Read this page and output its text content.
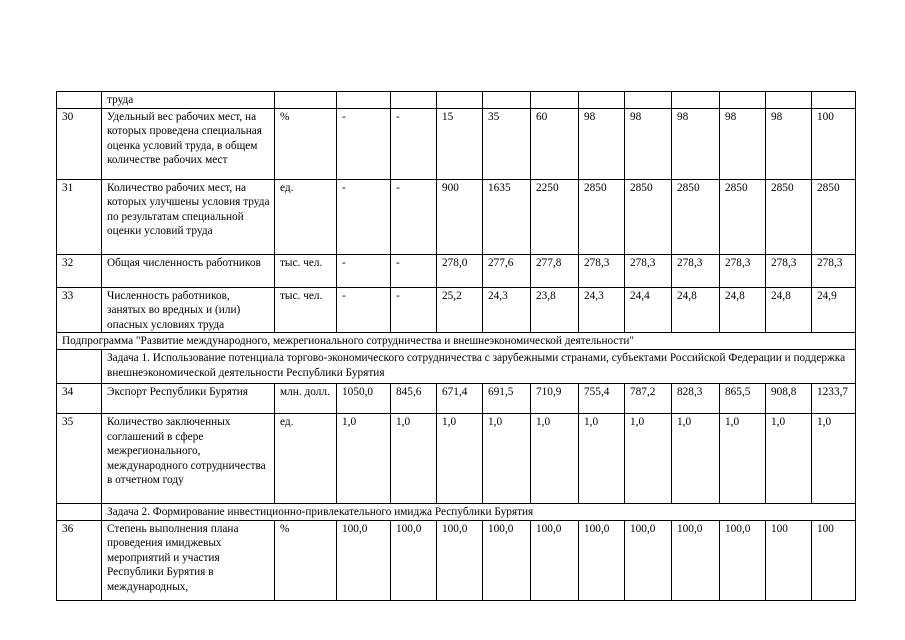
	труда												
30	Удельный вес рабочих мест, на которых проведена специальная оценка условий труда, в общем количестве рабочих мест	%	-	-	15	35	60	98	98	98	98	98	100
31	Количество рабочих мест, на которых улучшены условия труда по результатам специальной оценки условий труда	ед.	-	-	900	1635	2250	2850	2850	2850	2850	2850	2850
32	Общая численность работников	тыс. чел.	-	-	278,0	277,6	277,8	278,3	278,3	278,3	278,3	278,3	278,3
33	Численность работников, занятых во вредных и (или) опасных условиях труда	тыс. чел.	-	-	25,2	24,3	23,8	24,3	24,4	24,8	24,8	24,8	24,9
Подпрограмма "Развитие международного, межрегионального сотрудничества и внешнеэкономической деятельности"													
	Задача 1. Использование потенциала торгово-экономического сотрудничества с зарубежными странами, субъектами Российской Федерации и поддержка внешнеэкономической деятельности Республики Бурятия												
34	Экспорт Республики Бурятия	млн. долл.	1050,0	845,6	671,4	691,5	710,9	755,4	787,2	828,3	865,5	908,8	1233,7
35	Количество заключенных соглашений в сфере межрегионального, международного сотрудничества в отчетном году	ед.	1,0	1,0	1,0	1,0	1,0	1,0	1,0	1,0	1,0	1,0	1,0
	Задача 2. Формирование инвестиционно-привлекательного имиджа Республики Бурятия												
36	Степень выполнения плана проведения имиджевых мероприятий и участия Республики Бурятия в международных,	%	100,0	100,0	100,0	100,0	100,0	100,0	100,0	100,0	100,0	100	100
